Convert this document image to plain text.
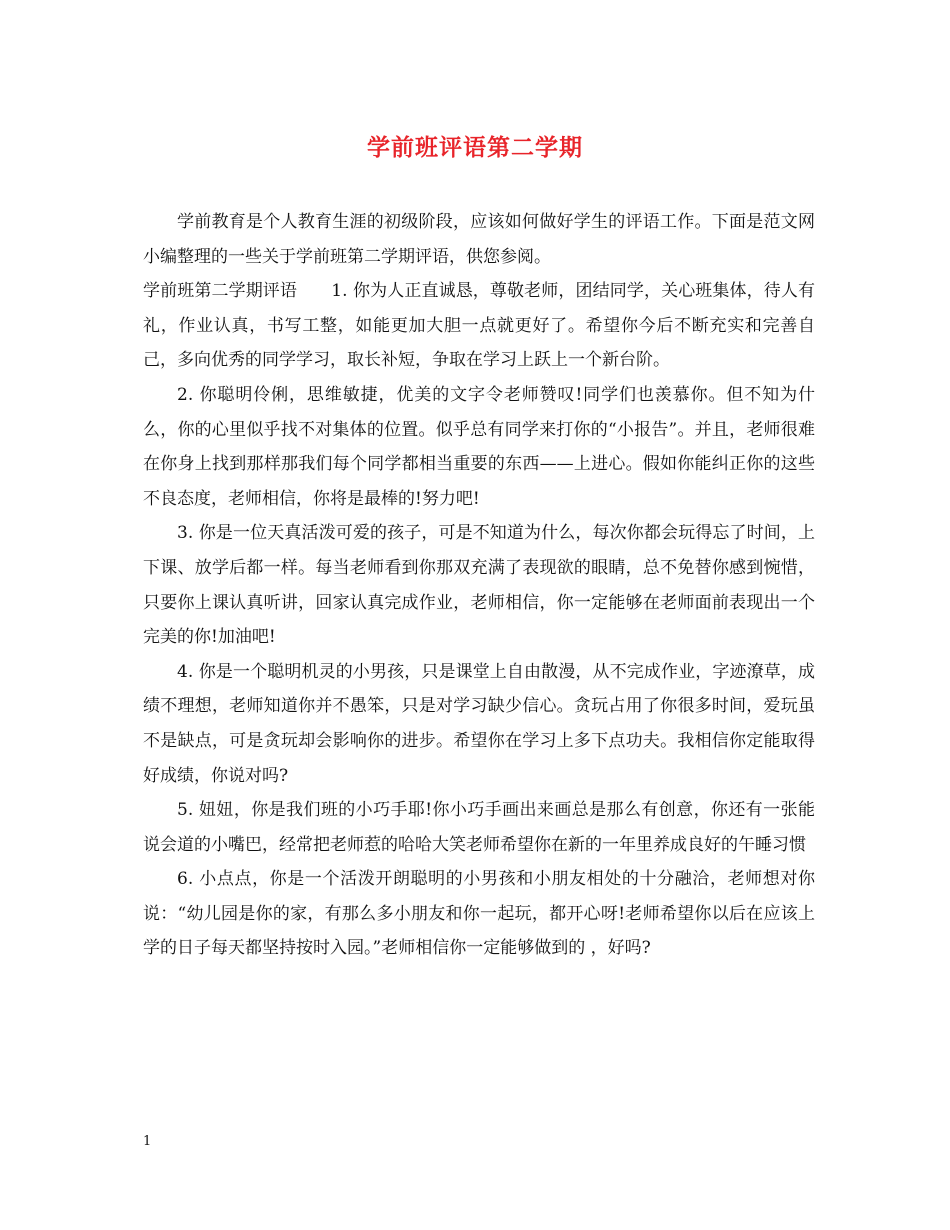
学前班评语第二学期

学前教育是个人教育生涯的初级阶段，应该如何做好学生的评语工作。下面是范文网小编整理的一些关于学前班第二学期评语，供您参阅。

学前班第二学期评语　　1. 你为人正直诚恳，尊敬老师，团结同学，关心班集体，待人有礼，作业认真，书写工整，如能更加大胆一点就更好了。希望你今后不断充实和完善自己，多向优秀的同学学习，取长补短，争取在学习上跃上一个新台阶。

2. 你聪明伶俐，思维敏捷，优美的文字令老师赞叹!同学们也羡慕你。但不知为什么，你的心里似乎找不对集体的位置。似乎总有同学来打你的“小报告”。并且，老师很难在你身上找到那样那我们每个同学都相当重要的东西——上进心。假如你能纠正你的这些不良态度，老师相信，你将是最棒的!努力吧!

3. 你是一位天真活泼可爱的孩子，可是不知道为什么，每次你都会玩得忘了时间，上下课、放学后都一样。每当老师看到你那双充满了表现欲的眼睛，总不免替你感到惋惜，只要你上课认真听讲，回家认真完成作业，老师相信，你一定能够在老师面前表现出一个完美的你!加油吧!

4. 你是一个聪明机灵的小男孩，只是课堂上自由散漫，从不完成作业，字迹潦草，成绩不理想，老师知道你并不愚笨，只是对学习缺少信心。贪玩占用了你很多时间，爱玩虽不是缺点，可是贪玩却会影响你的进步。希望你在学习上多下点功夫。我相信你定能取得好成绩，你说对吗?

5. 妞妞，你是我们班的小巧手耶!你小巧手画出来画总是那么有创意，你还有一张能说会道的小嘴巴，经常把老师惹的哈哈大笑老师希望你在新的一年里养成良好的午睡习惯

6. 小点点，你是一个活泼开朗聪明的小男孩和小朋友相处的十分融洽，老师想对你说：“幼儿园是你的家，有那么多小朋友和你一起玩，都开心呀!老师希望你以后在应该上学的日子每天都坚持按时入园。”老师相信你一定能够做到的 ，好吗?

1
